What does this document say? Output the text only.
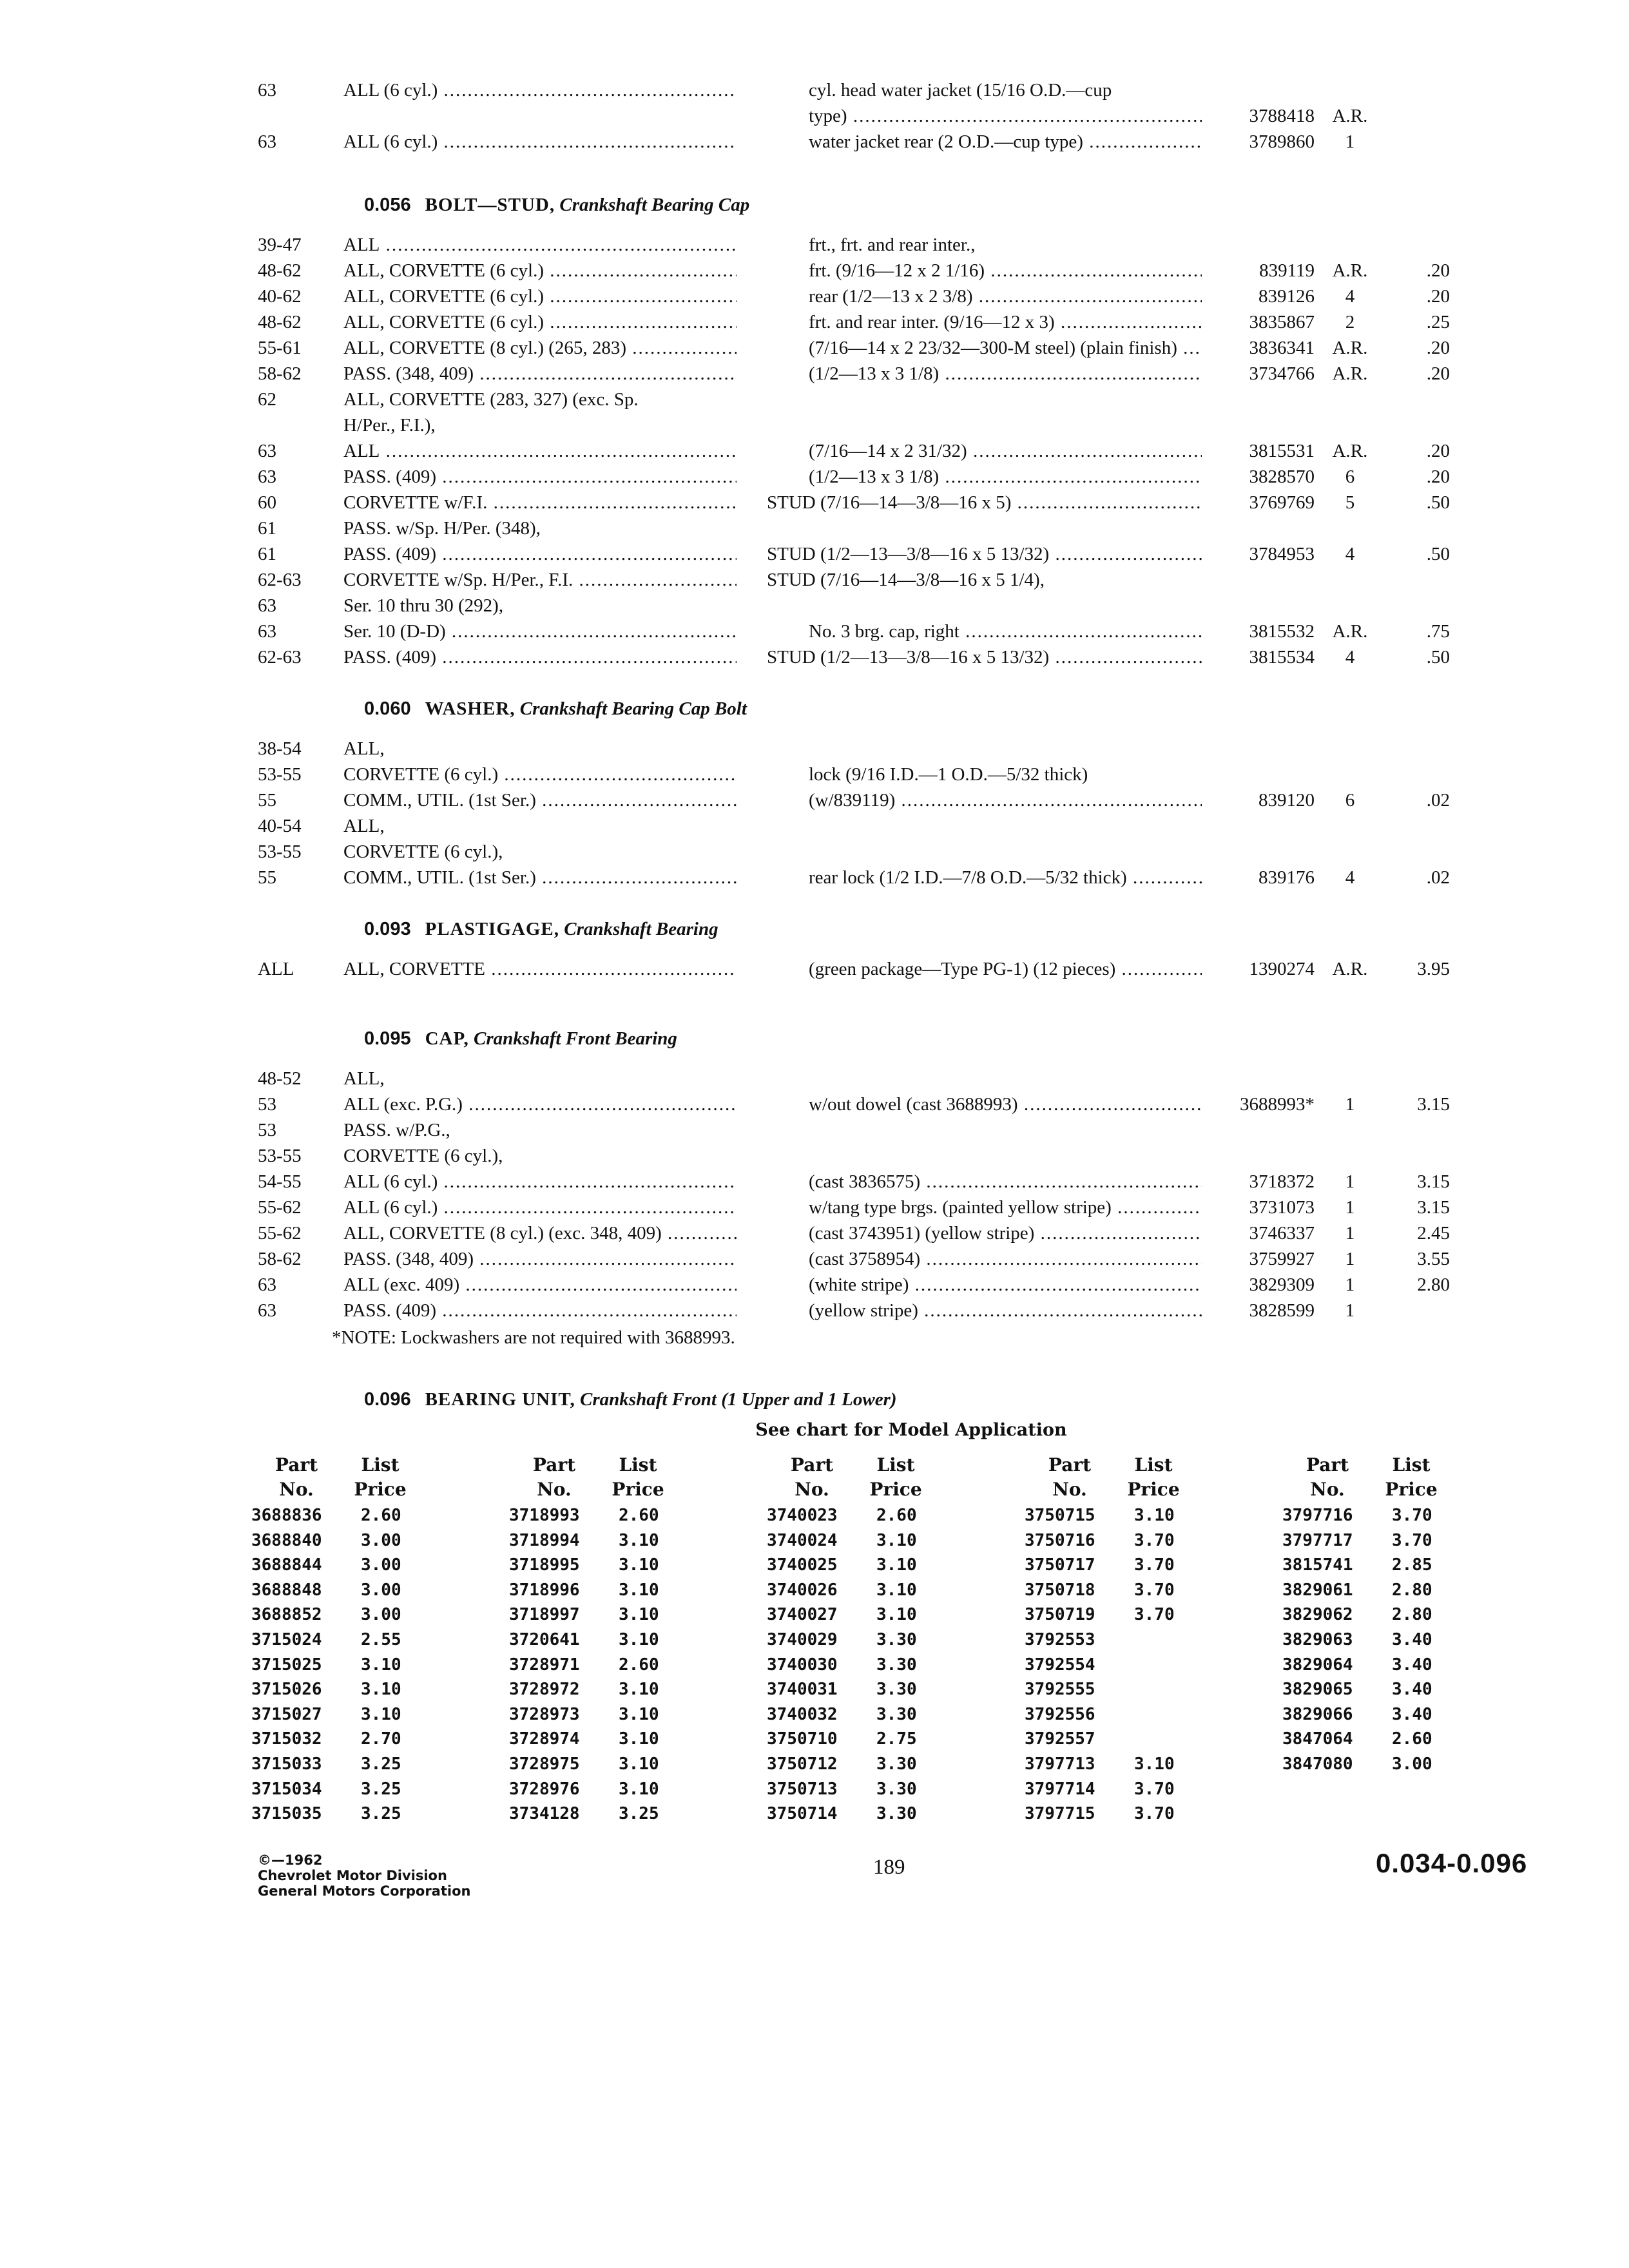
63	ALL (6 cyl.) .....	cyl. head water jacket (15/16 O.D.—cup
type) .....	3788418 A.R.
63	ALL (6 cyl.) .....	water jacket rear (2 O.D.—cup type) .....	3789860	1
0.056 BOLT—STUD, Crankshaft Bearing Cap
39-47 ALL .....	frt., frt. and rear inter.,
48-62 ALL, CORVETTE (6 cyl.) .....	frt. (9/16—12 x 2 1/16) .....	839119 A.R.	.20
40-62 ALL, CORVETTE (6 cyl.) .....	rear (1/2—13 x 2 3/8) .....	839126	4	.20
48-62 ALL, CORVETTE (6 cyl.) .....	frt. and rear inter. (9/16—12 x 3) .....	3835867	2	.25
55-61 ALL, CORVETTE (8 cyl.) (265, 283) .....	(7/16—14 x 2 23/32—300-M steel) (plain finish) .....	3836341 A.R.	.20
58-62 PASS. (348, 409) .....	(1/2—13 x 3 1/8) .....	3734766 A.R.	.20
62	ALL, CORVETTE (283, 327) (exc. Sp.
H/Per., F.I.),
63	ALL .....	(7/16—14 x 2 31/32) .....	3815531 A.R.	.20
63	PASS. (409) .....	(1/2—13 x 3 1/8) .....	3828570	6	.20
60	CORVETTE w/F.I. .....	STUD (7/16—14—3/8—16 x 5) .....	3769769	5	.50
61	PASS. w/Sp. H/Per. (348),
61	PASS. (409) .....	STUD (1/2—13—3/8—16 x 5 13/32) .....	3784953	4	.50
62-63 CORVETTE w/Sp. H/Per., F.I. .....	STUD (7/16—14—3/8—16 x 5 1/4),
63	Ser. 10 thru 30 (292),
63	Ser. 10 (D-D) .....	No. 3 brg. cap, right .....	3815532 A.R.	.75
62-63 PASS. (409) .....	STUD (1/2—13—3/8—16 x 5 13/32) .....	3815534	4	.50
0.060 WASHER, Crankshaft Bearing Cap Bolt
38-54 ALL,
53-55 CORVETTE (6 cyl.) .....	lock (9/16 I.D.—1 O.D.—5/32 thick)
55	COMM., UTIL. (1st Ser.) .....	(w/839119) .....	839120	6	.02
40-54 ALL,
53-55 CORVETTE (6 cyl.),
55	COMM., UTIL. (1st Ser.) .....	rear lock (1/2 I.D.—7/8 O.D.—5/32 thick) .....	839176	4	.02
0.093 PLASTIGAGE, Crankshaft Bearing
ALL	ALL, CORVETTE .....	(green package—Type PG-1) (12 pieces) .....	1390274 A.R.	3.95
0.095 CAP, Crankshaft Front Bearing
48-52 ALL,
53	ALL (exc. P.G.) .....	w/out dowel (cast 3688993) .....	3688993*	1	3.15
53	PASS. w/P.G.,
53-55 CORVETTE (6 cyl.),
54-55 ALL (6 cyl.) .....	(cast 3836575) .....	3718372	1	3.15
55-62 ALL (6 cyl.) .....	w/tang type brgs. (painted yellow stripe) .....	3731073	1	3.15
55-62 ALL, CORVETTE (8 cyl.) (exc. 348, 409) .....	(cast 3743951) (yellow stripe) .....	3746337	1	2.45
58-62 PASS. (348, 409) .....	(cast 3758954) .....	3759927	1	3.55
63	ALL (exc. 409) .....	(white stripe) .....	3829309	1	2.80
63	PASS. (409) .....	(yellow stripe) .....	3828599	1
*NOTE: Lockwashers are not required with 3688993.
0.096 BEARING UNIT, Crankshaft Front (1 Upper and 1 Lower)
See chart for Model Application
Part
No.
List
Price
3688836 2.60
3688840 3.00
3688844 3.00
3688848 3.00
3688852 3.00
3715024 2.55
3715025 3.10
3715026 3.10
3715027 3.10
3715032 2.70
3715033 3.25
3715034 3.25
3715035 3.25
Part
No.
List
Price
3718993 2.60
3718994 3.10
3718995 3.10
3718996 3.10
3718997 3.10
3720641 3.10
3728971 2.60
3728972 3.10
3728973 3.10
3728974 3.10
3728975 3.10
3728976 3.10
3734128 3.25
Part
No.
List
Price
3740023 2.60
3740024 3.10
3740025 3.10
3740026 3.10
3740027 3.10
3740029 3.30
3740030 3.30
3740031 3.30
3740032 3.30
3750710 2.75
3750712 3.30
3750713 3.30
3750714 3.30
Part
No.
List
Price
3750715 3.10
3750716 3.70
3750717 3.70
3750718 3.70
3750719 3.70
3792553
3792554
3792555
3792556
3792557
3797713 3.10
3797714 3.70
3797715 3.70
Part
No.
List
Price
3797716 3.70
3797717 3.70
3815741 2.85
3829061 2.80
3829062 2.80
3829063 3.40
3829064 3.40
3829065 3.40
3829066 3.40
3847064 2.60
3847080 3.00
©—1962
Chevrolet Motor Division
General Motors Corporation
189	0.034-0.096
